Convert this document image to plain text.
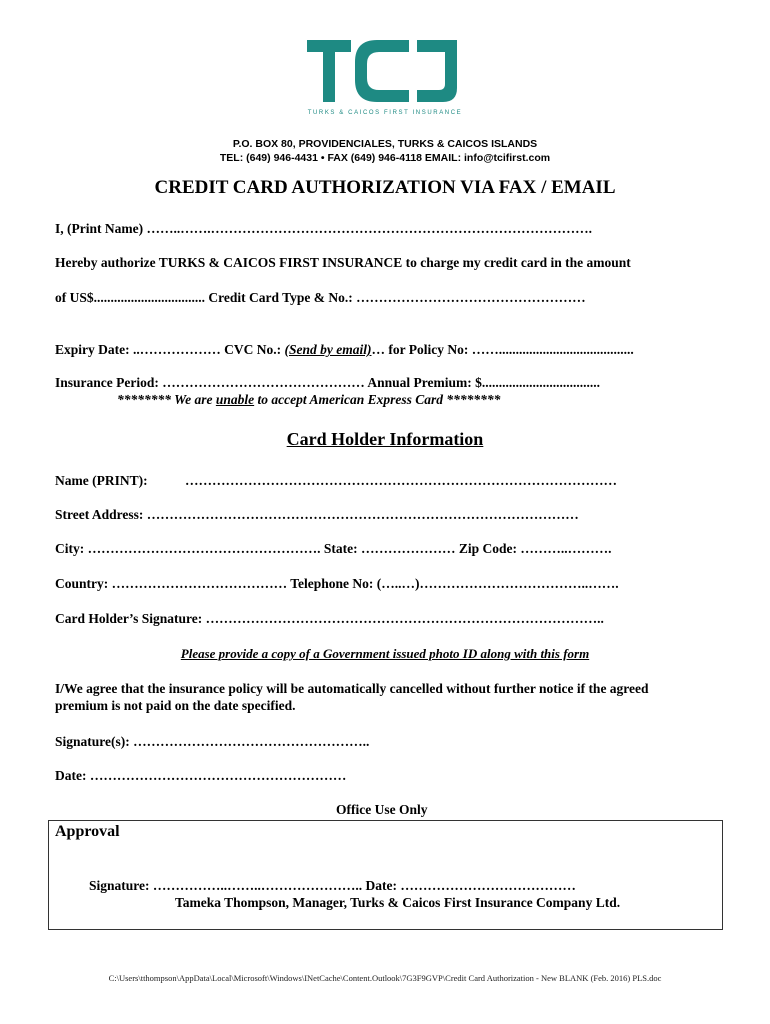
TURKS & CAICOS FIRST INSURANCE
P.O. BOX 80, PROVIDENCIALES, TURKS & CAICOS ISLANDS
TEL: (649) 946-4431 • FAX (649) 946-4118 EMAIL: info@tcifirst.com
CREDIT CARD AUTHORIZATION VIA FAX / EMAIL
I, (Print Name) ……..…….………………………………………………………………………….
Hereby authorize TURKS & CAICOS FIRST INSURANCE to charge my credit card in the amount
of US$................................. Credit Card Type & No.: ……………………………………………
Expiry Date: ..……………… CVC No.: (Send by email)… for Policy No: ……........................................
Insurance Period: ……………………………………… Annual Premium: $...................................
******** We are unable to accept American Express Card ********
Card Holder Information
Name (PRINT):	……………………………………………………………………………………
Street Address: ……………………………………………………………………………………
City: ……………………………………………. State: ………………… Zip Code: ………..……….
Country: ………………………………… Telephone No: (…..…)………………………………..…….
Card Holder’s Signature: ……………………………………………………………………………..
Please provide a copy of a Government issued photo ID along with this form
I/We agree that the insurance policy will be automatically cancelled without further notice if the agreed
premium is not paid on the date specified.
Signature(s): ……………………………………………..
Date: …………………………………………………
Office Use Only
Approval
Signature: ……………..……..………………….. Date: …………………………………
Tameka Thompson, Manager, Turks & Caicos First Insurance Company Ltd.
C:\Users\tthompson\AppData\Local\Microsoft\Windows\INetCache\Content.Outlook\7G3F9GVP\Credit Card Authorization - New BLANK (Feb. 2016) PLS.doc
